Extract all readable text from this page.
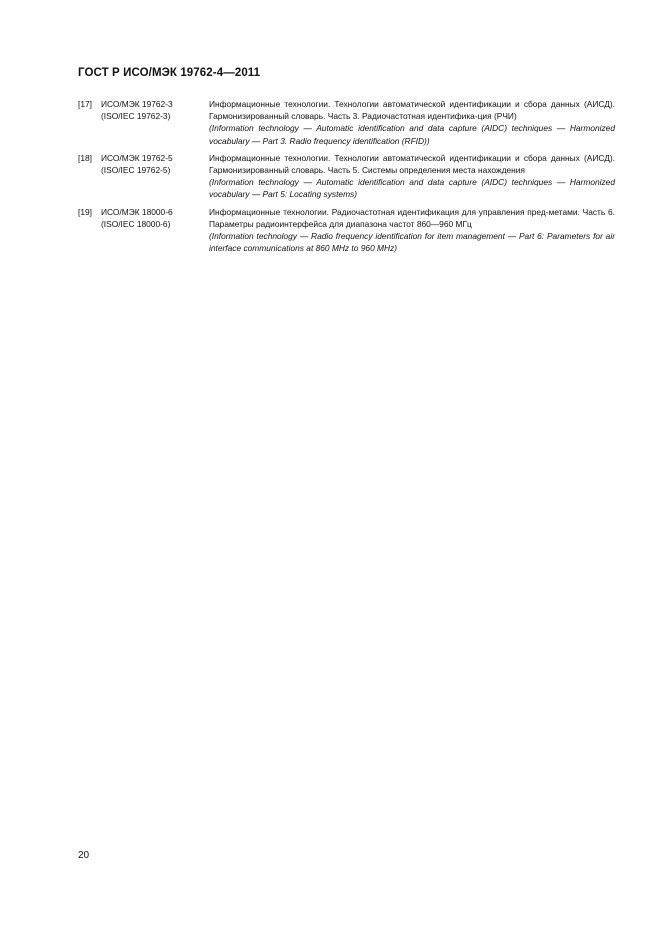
ГОСТ Р ИСО/МЭК 19762-4—2011
[17] ИСО/МЭК 19762-3
(ISO/IEC 19762-3)
Информационные технологии. Технологии автоматической идентификации и сбора данных (АИСД). Гармонизированный словарь. Часть 3. Радиочастотная идентифика-ция (РЧИ)
(Information technology — Automatic identification and data capture (AIDC) techniques — Harmonized vocabulary — Part 3. Radio frequency identification (RFID))
[18] ИСО/МЭК 19762-5
(ISO/IEC 19762-5)
Информационные технологии. Технологии автоматической идентификации и сбора данных (АИСД). Гармонизированный словарь. Часть 5. Системы определения места нахождения
(Information technology — Automatic identification and data capture (AIDC) techniques — Harmonized vocabulary — Part 5: Locating systems)
[19] ИСО/МЭК 18000-6
(ISO/IEC 18000-6)
Информационные технологии. Радиочастотная идентификация для управления пред-метами. Часть 6. Параметры радиоинтерфейса для диапазона частот 860—960 МГц
(Information technology — Radio frequency identification for item management — Part 6: Parameters for air interface communications at 860 MHz to 960 MHz)
20
